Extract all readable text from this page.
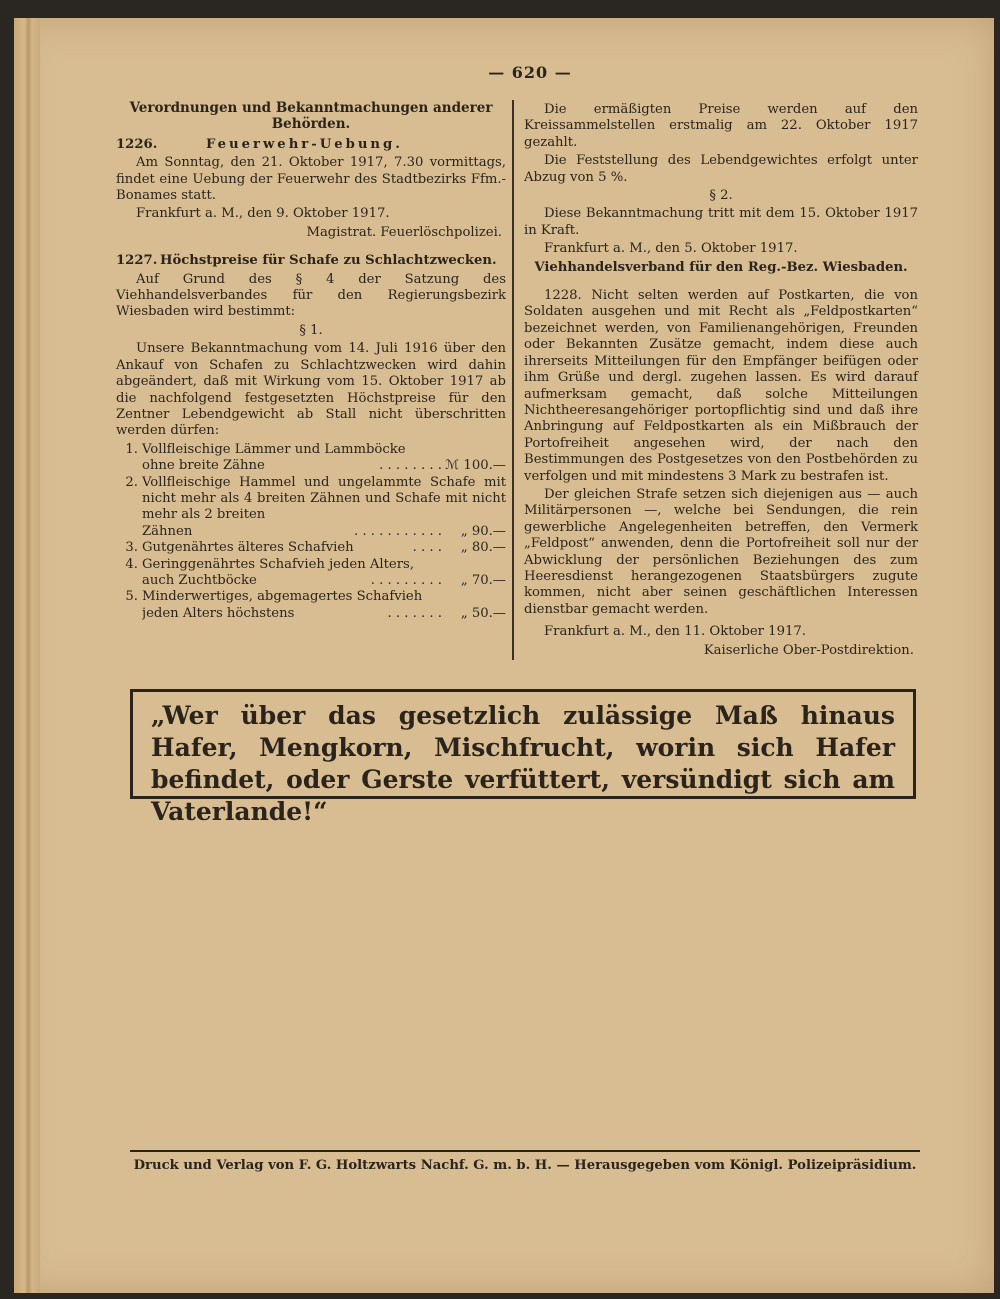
— 620 —
Verordnungen und Bekanntmachungen anderer Behörden.
1226.	Feuerwehr-Uebung.
Am Sonntag, den 21. Oktober 1917, 7.30 vormittags, findet eine Uebung der Feuerwehr des Stadtbezirks Ffm.-Bonames statt.
Frankfurt a. M., den 9. Oktober 1917.
Magistrat. Feuerlöschpolizei.
1227. Höchstpreise für Schafe zu Schlachtzwecken.
Auf Grund des § 4 der Satzung des Viehhandelsverbandes für den Regierungsbezirk Wiesbaden wird bestimmt:
§ 1.
Unsere Bekanntmachung vom 14. Juli 1916 über den Ankauf von Schafen zu Schlachtzwecken wird dahin abgeändert, daß mit Wirkung vom 15. Oktober 1917 ab die nachfolgend festgesetzten Höchstpreise für den Zentner Lebendgewicht ab Stall nicht überschritten werden dürfen:
1. Vollfleischige Lämmer und Lammböcke
ohne breite Zähne	. . . . . . . . ℳ 100.—
2. Vollfleischige Hammel und ungelammte Schafe mit nicht mehr als 4 breiten Zähnen und Schafe mit nicht mehr als 2 breiten
Zähnen	. . . . . . . . . . .	„ 90.—
3. Gutgenährtes älteres Schafvieh	. . . .	„ 80.—
4. Geringgenährtes Schafvieh jeden Alters,
auch Zuchtböcke	. . . . . . . . .	„ 70.—
5. Minderwertiges, abgemagertes Schafvieh
jeden Alters höchstens	. . . . . . .	„ 50.—
Die ermäßigten Preise werden auf den Kreissammelstellen erstmalig am 22. Oktober 1917 gezahlt.
Die Feststellung des Lebendgewichtes erfolgt unter Abzug von 5 %.
§ 2.
Diese Bekanntmachung tritt mit dem 15. Oktober 1917 in Kraft.
Frankfurt a. M., den 5. Oktober 1917.
Viehhandelsverband für den Reg.-Bez. Wiesbaden.
1228. Nicht selten werden auf Postkarten, die von Soldaten ausgehen und mit Recht als „Feldpostkarten“ bezeichnet werden, von Familienangehörigen, Freunden oder Bekannten Zusätze gemacht, indem diese auch ihrerseits Mitteilungen für den Empfänger beifügen oder ihm Grüße und dergl. zugehen lassen. Es wird darauf aufmerksam gemacht, daß solche Mitteilungen Nichtheeresangehöriger portopflichtig sind und daß ihre Anbringung auf Feldpostkarten als ein Mißbrauch der Portofreiheit angesehen wird, der nach den Bestimmungen des Postgesetzes von den Postbehörden zu verfolgen und mit mindestens 3 Mark zu bestrafen ist.
Der gleichen Strafe setzen sich diejenigen aus — auch Militärpersonen —, welche bei Sendungen, die rein gewerbliche Angelegenheiten betreffen, den Vermerk „Feldpost“ anwenden, denn die Portofreiheit soll nur der Abwicklung der persönlichen Beziehungen des zum Heeresdienst herangezogenen Staatsbürgers zugute kommen, nicht aber seinen geschäftlichen Interessen dienstbar gemacht werden.
Frankfurt a. M., den 11. Oktober 1917.
Kaiserliche Ober-Postdirektion.
„Wer über das gesetzlich zulässige Maß hinaus Hafer, Mengkorn, Mischfrucht, worin sich Hafer befindet, oder Gerste verfüttert, versündigt sich am Vaterlande!“
Druck und Verlag von F. G. Holtzwarts Nachf. G. m. b. H. — Herausgegeben vom Königl. Polizeipräsidium.
